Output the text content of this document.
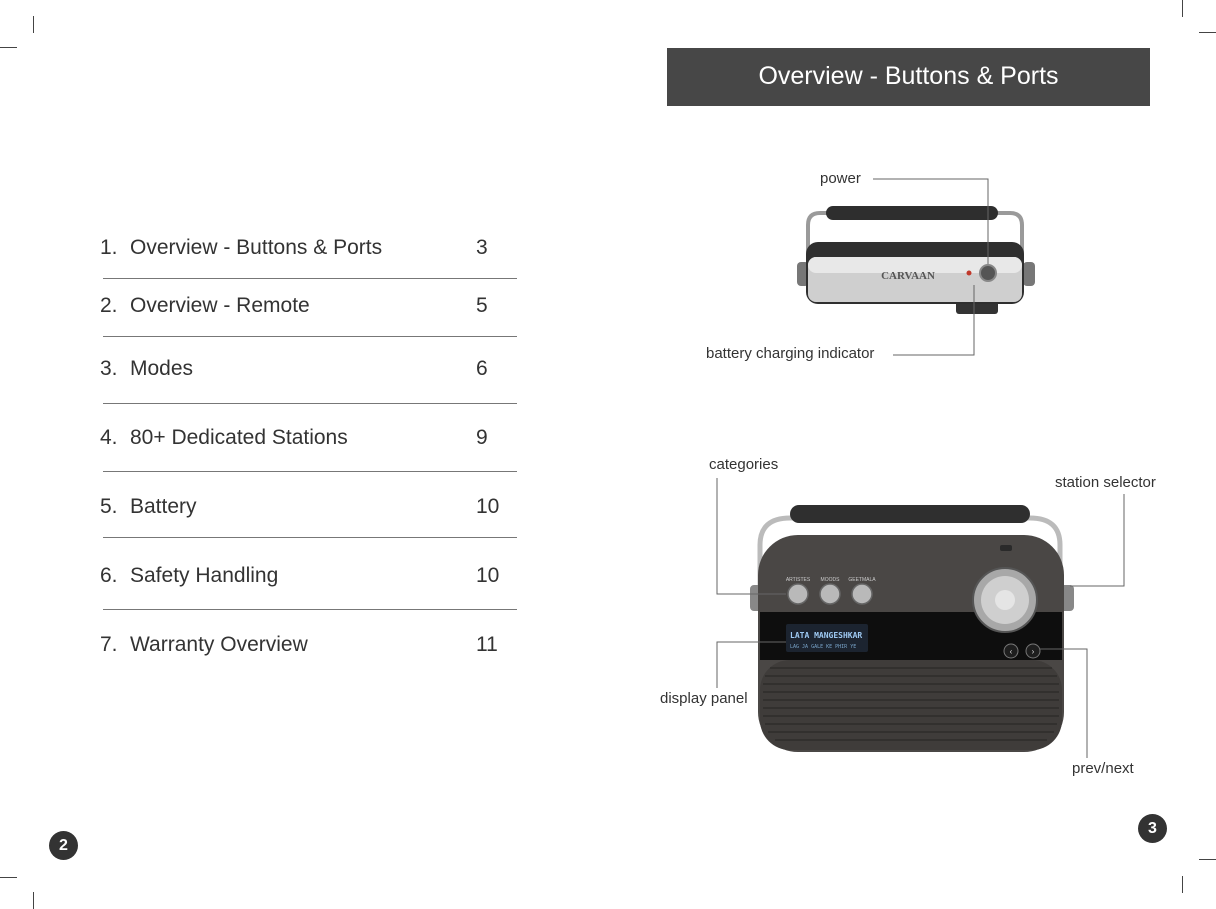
1. Overview - Buttons & Ports	3
2. Overview - Remote	5
3. Modes	6
4. 80+ Dedicated Stations	9
5. Battery	10
6. Safety Handling	10
7. Warranty Overview	11
2
Overview - Buttons & Ports
CARVAAN
LATA MANGESHKAR
LAG JA GALE KE PHIR YE
ARTISTES MOODS GEETMALA
‹ ›
power
battery charging indicator
categories
station selector
display panel
prev/next
3
